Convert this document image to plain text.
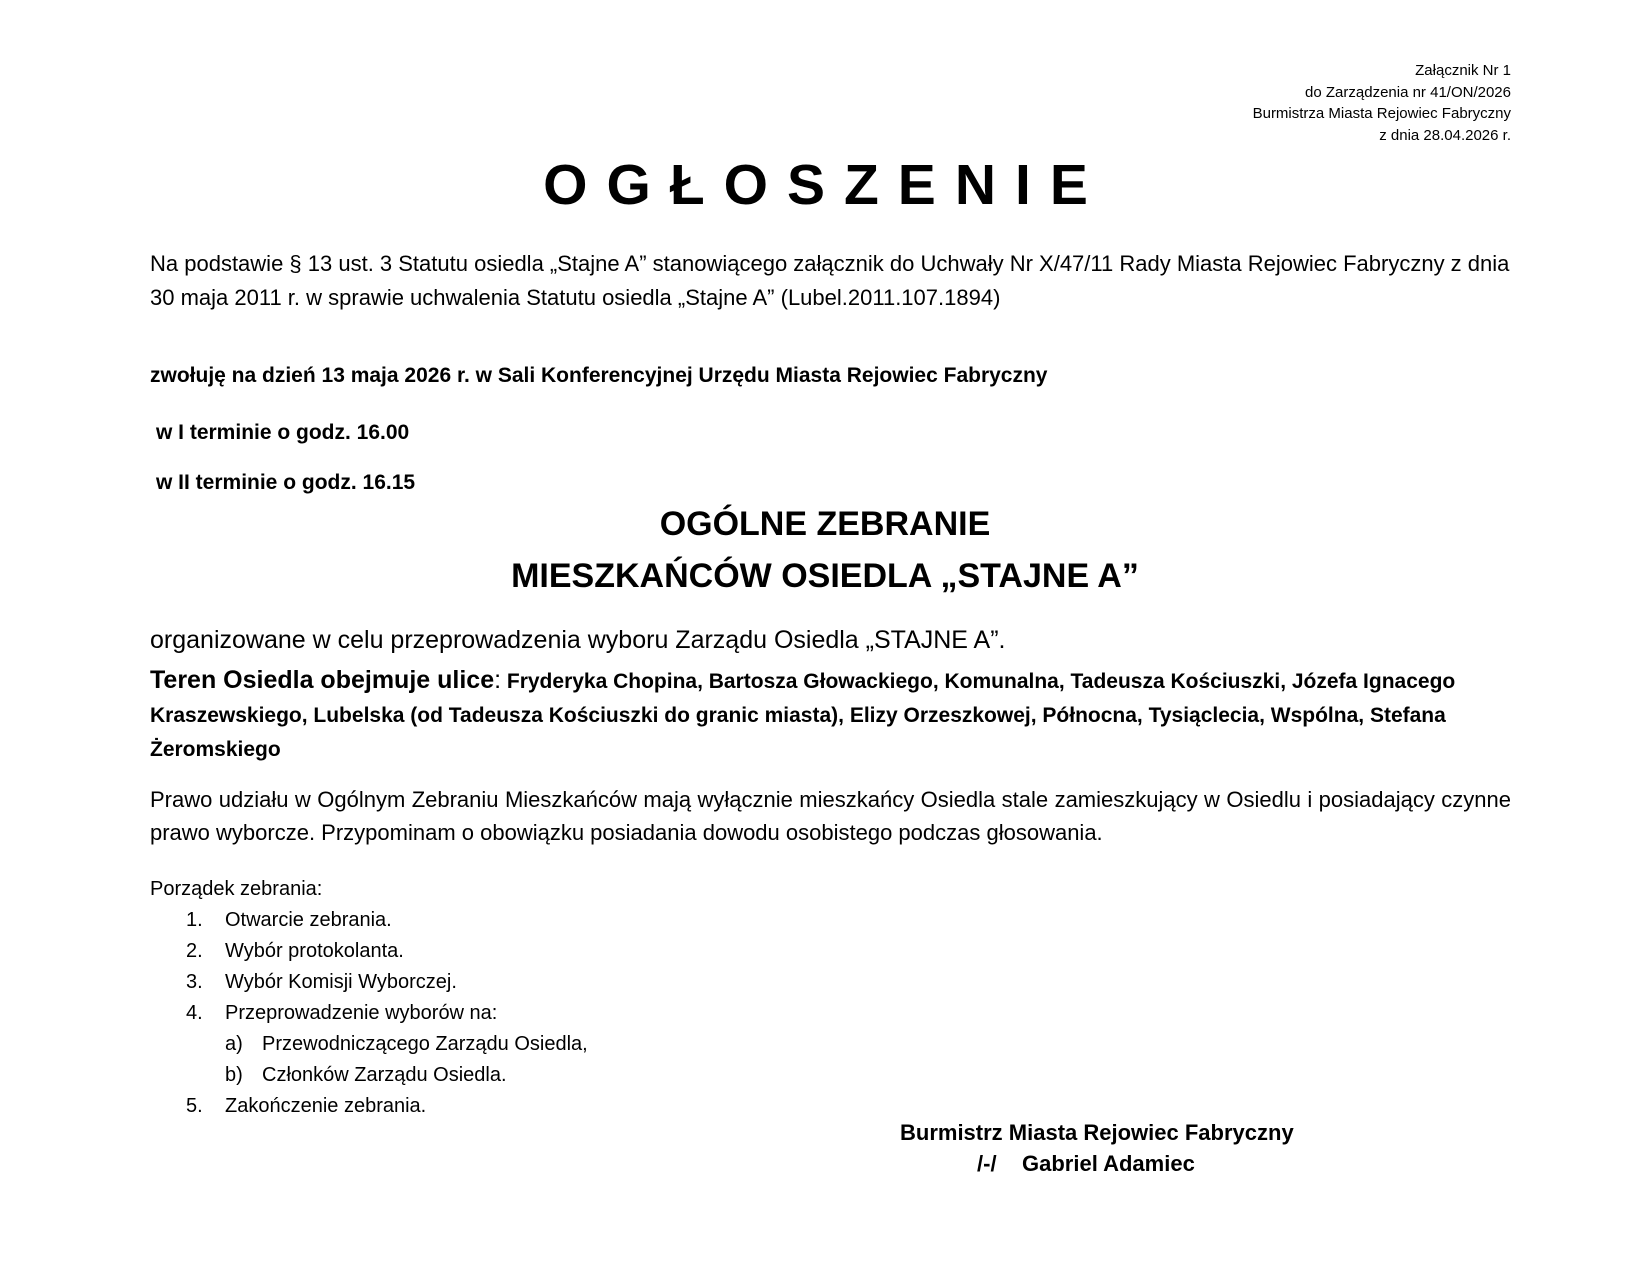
Załącznik Nr 1
do Zarządzenia nr 41/ON/2026
Burmistrza Miasta Rejowiec Fabryczny
z dnia 28.04.2026 r.
OGŁOSZENIE
Na podstawie § 13 ust. 3 Statutu osiedla „Stajne A” stanowiącego załącznik do Uchwały Nr X/47/11 Rady Miasta Rejowiec Fabryczny z dnia 30 maja 2011 r. w sprawie uchwalenia Statutu osiedla „Stajne A” (Lubel.2011.107.1894)
zwołuję na dzień 13 maja 2026 r. w Sali Konferencyjnej Urzędu Miasta Rejowiec Fabryczny
w I terminie o godz. 16.00
w II terminie o godz. 16.15
OGÓLNE ZEBRANIE
MIESZKAŃCÓW OSIEDLA „STAJNE A”
organizowane w celu przeprowadzenia wyboru Zarządu Osiedla „STAJNE A”.
Teren Osiedla obejmuje ulice: Fryderyka Chopina, Bartosza Głowackiego, Komunalna, Tadeusza Kościuszki, Józefa Ignacego Kraszewskiego, Lubelska (od Tadeusza Kościuszki do granic miasta), Elizy Orzeszkowej, Północna, Tysiąclecia, Wspólna, Stefana Żeromskiego
Prawo udziału w Ogólnym Zebraniu Mieszkańców mają wyłącznie mieszkańcy Osiedla stale zamieszkujący w Osiedlu i posiadający czynne prawo wyborcze. Przypominam o obowiązku posiadania dowodu osobistego podczas głosowania.
Porządek zebrania:
1. Otwarcie zebrania.
2. Wybór protokolanta.
3. Wybór Komisji Wyborczej.
4. Przeprowadzenie wyborów na:
a) Przewodniczącego Zarządu Osiedla,
b) Członków Zarządu Osiedla.
5. Zakończenie zebrania.
Burmistrz Miasta Rejowiec Fabryczny
/-/ Gabriel Adamiec
